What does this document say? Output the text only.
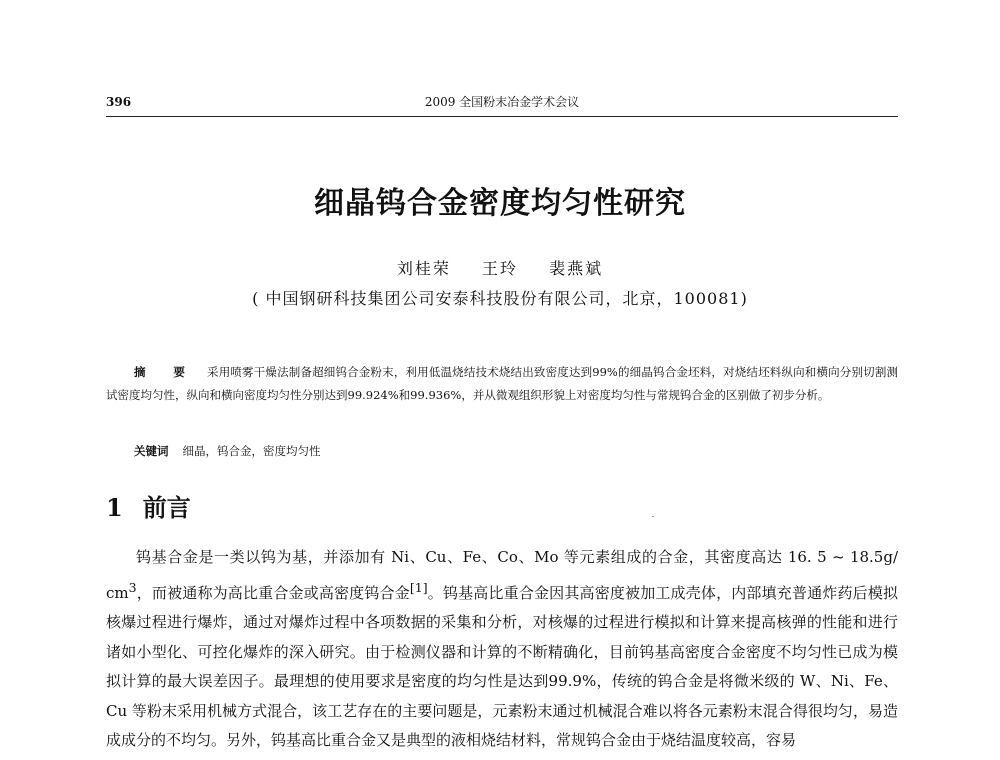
396	2009 全国粉末冶金学术会议
细晶钨合金密度均匀性研究
刘桂荣 王玲 裴燕斌
( 中国钢研科技集团公司安泰科技股份有限公司，北京，100081)
摘　要 采用喷雾干燥法制备超细钨合金粉末，利用低温烧结技术烧结出致密度达到99%的细晶钨合金坯料，对烧结坯料纵向和横向分别切割测试密度均匀性，纵向和横向密度均匀性分别达到99.924%和99.936%，并从微观组织形貌上对密度均匀性与常规钨合金的区别做了初步分析。
关键词 细晶，钨合金，密度均匀性
1 前言

钨基合金是一类以钨为基，并添加有 Ni、Cu、Fe、Co、Mo 等元素组成的合金，其密度高达 16. 5 ~ 18.5g/ $cm^3$，而被通称为高比重合金或高密度钨合金[1]。钨基高比重合金因其高密度被加工成壳体，内部填充普通炸药后模拟核爆过程进行爆炸，通过对爆炸过程中各项数据的采集和分析，对核爆的过程进行模拟和计算来提高核弹的性能和进行诸如小型化、可控化爆炸的深入研究。由于检测仪器和计算的不断精确化，目前钨基高密度合金密度不均匀性已成为模拟计算的最大误差因子。最理想的使用要求是密度的均匀性是达到99.9%，传统的钨合金是将微米级的 W、Ni、Fe、Cu 等粉末采用机械方式混合，该工艺存在的主要问题是，元素粉末通过机械混合难以将各元素粉末混合得很均匀，易造成成分的不均匀。另外，钨基高比重合金又是典型的液相烧结材料，常规钨合金由于烧结温度较高，容易
